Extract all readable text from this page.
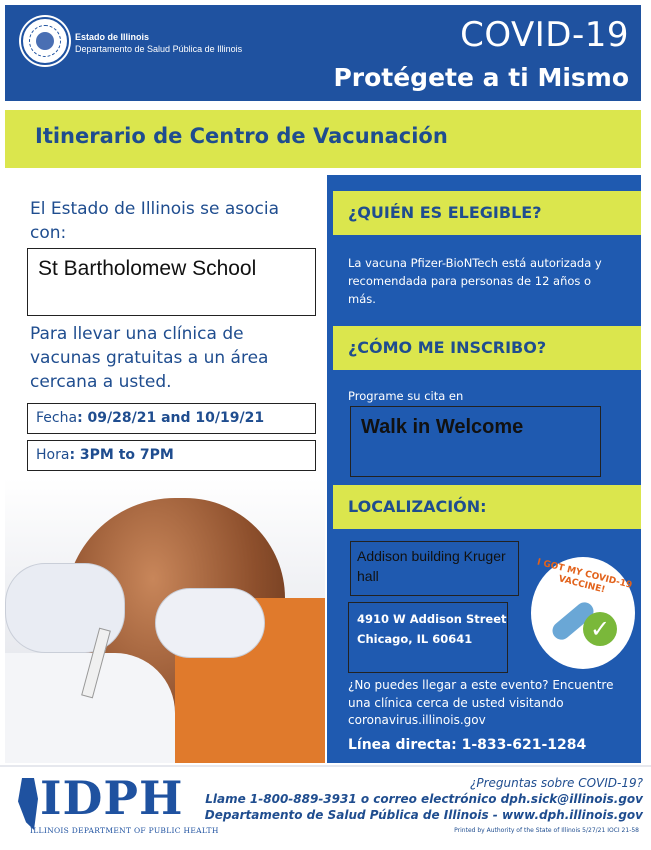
Estado de Illinois
Departamento de Salud Pública de Illinois	COVID-19
Protégete a ti Mismo
Itinerario de Centro de Vacunación
El Estado de Illinois se asocia con:
St Bartholomew School
Para llevar una clínica de vacunas gratuitas a un área cercana a usted.
Fecha: 09/28/21 and 10/19/21
Hora: 3PM to 7PM
¿QUIÉN ES ELEGIBLE?
La vacuna Pfizer-BioNTech está autorizada y recomendada para personas de 12 años o más.
¿CÓMO ME INSCRIBO?
Programe su cita en
Walk in Welcome
LOCALIZACIÓN:
Addison building Kruger hall
4910 W Addison Street Chicago, IL 60641
¿No puedes llegar a este evento? Encuentre una clínica cerca de usted visitando coronavirus.illinois.gov
Línea directa: 1-833-621-1284
I GOT MY COVID-19 VACCINE!
✓
IDPH
ILLINOIS DEPARTMENT OF PUBLIC HEALTH
¿Preguntas sobre COVID-19?
Llame 1-800-889-3931 o correo electrónico dph.sick@illinois.gov
Departamento de Salud Pública de Illinois - www.dph.illinois.gov
Printed by Authority of the State of Illinois 5/27/21 IOCI 21-58
